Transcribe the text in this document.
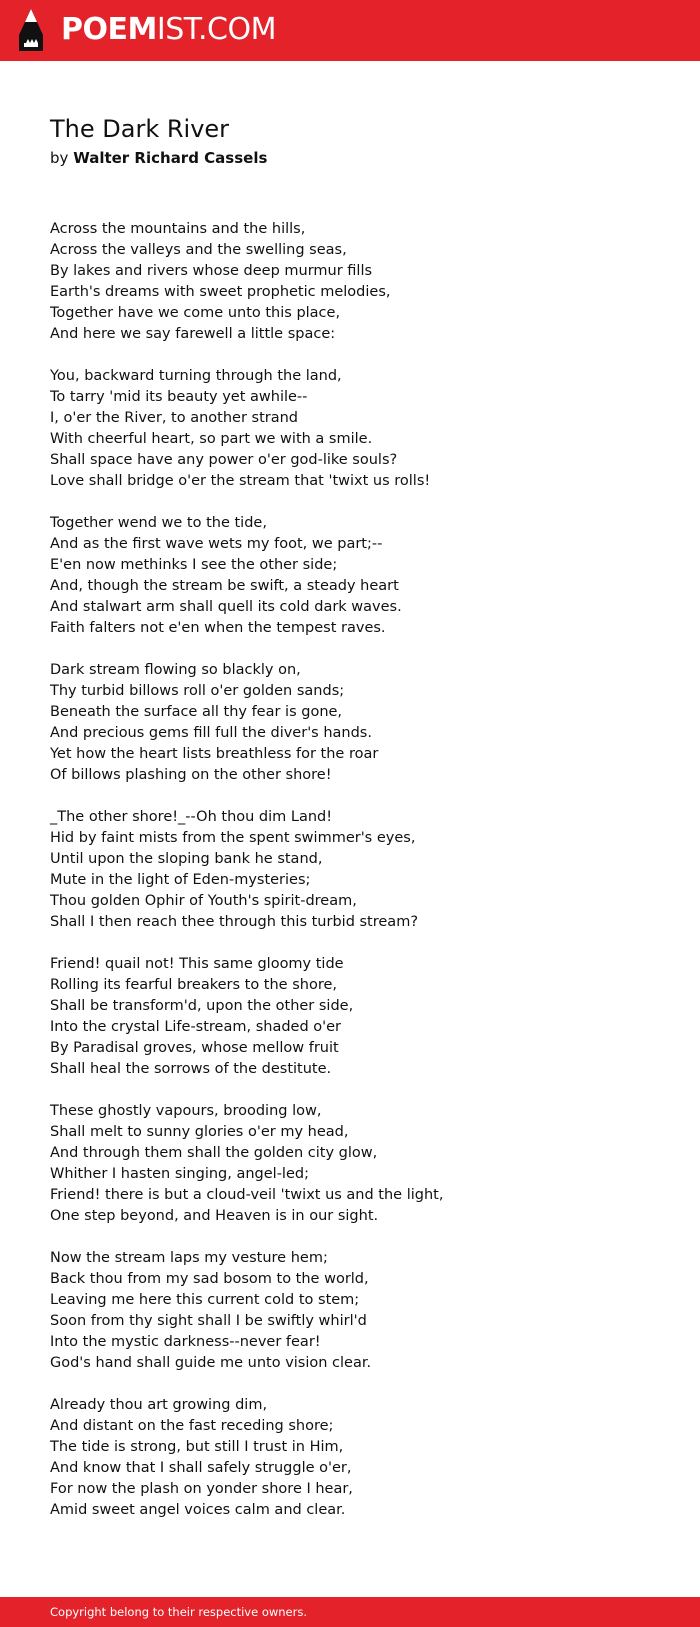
POEMIST.COM
The Dark River
by Walter Richard Cassels
Across the mountains and the hills,
Across the valleys and the swelling seas,
By lakes and rivers whose deep murmur fills
Earth's dreams with sweet prophetic melodies,
Together have we come unto this place,
And here we say farewell a little space:
You, backward turning through the land,
To tarry 'mid its beauty yet awhile--
I, o'er the River, to another strand
With cheerful heart, so part we with a smile.
Shall space have any power o'er god-like souls?
Love shall bridge o'er the stream that 'twixt us rolls!
Together wend we to the tide,
And as the first wave wets my foot, we part;--
E'en now methinks I see the other side;
And, though the stream be swift, a steady heart
And stalwart arm shall quell its cold dark waves.
Faith falters not e'en when the tempest raves.
Dark stream flowing so blackly on,
Thy turbid billows roll o'er golden sands;
Beneath the surface all thy fear is gone,
And precious gems fill full the diver's hands.
Yet how the heart lists breathless for the roar
Of billows plashing on the other shore!
_The other shore!_--Oh thou dim Land!
Hid by faint mists from the spent swimmer's eyes,
Until upon the sloping bank he stand,
Mute in the light of Eden-mysteries;
Thou golden Ophir of Youth's spirit-dream,
Shall I then reach thee through this turbid stream?
Friend! quail not! This same gloomy tide
Rolling its fearful breakers to the shore,
Shall be transform'd, upon the other side,
Into the crystal Life-stream, shaded o'er
By Paradisal groves, whose mellow fruit
Shall heal the sorrows of the destitute.
These ghostly vapours, brooding low,
Shall melt to sunny glories o'er my head,
And through them shall the golden city glow,
Whither I hasten singing, angel-led;
Friend! there is but a cloud-veil 'twixt us and the light,
One step beyond, and Heaven is in our sight.
Now the stream laps my vesture hem;
Back thou from my sad bosom to the world,
Leaving me here this current cold to stem;
Soon from thy sight shall I be swiftly whirl'd
Into the mystic darkness--never fear!
God's hand shall guide me unto vision clear.
Already thou art growing dim,
And distant on the fast receding shore;
The tide is strong, but still I trust in Him,
And know that I shall safely struggle o'er,
For now the plash on yonder shore I hear,
Amid sweet angel voices calm and clear.
Copyright belong to their respective owners.
